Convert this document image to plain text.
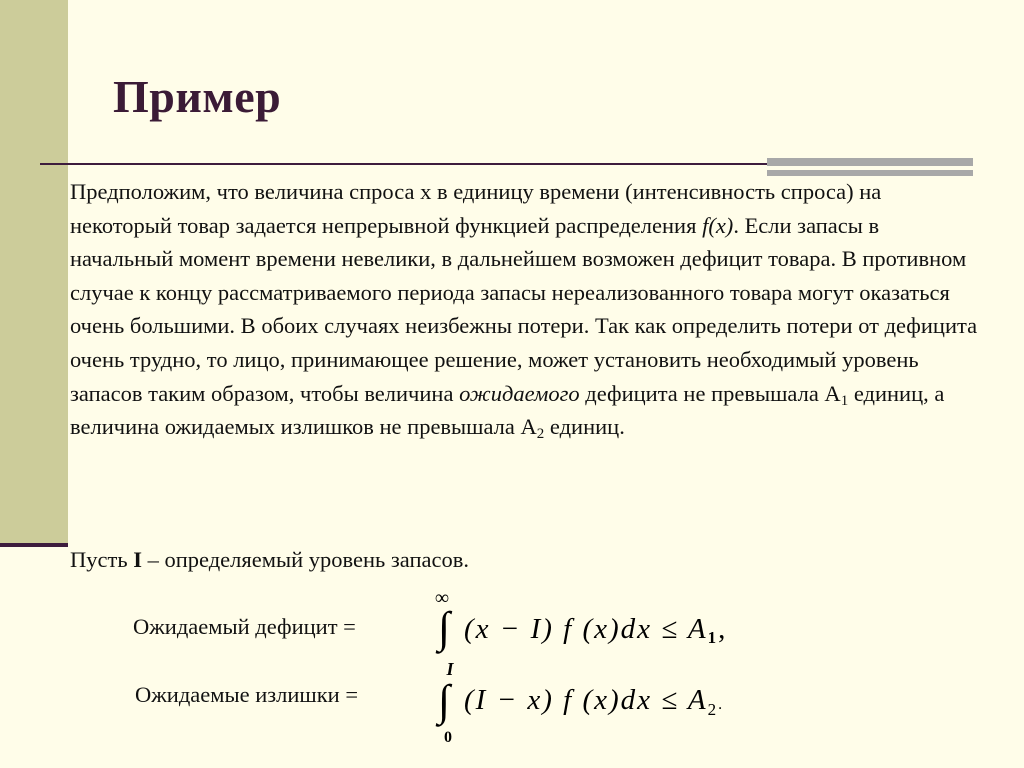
Пример

Предположим, что величина спроса x в единицу времени (интенсивность спроса) на некоторый товар задается непрерывной функцией распределения f(x). Если запасы в начальный момент времени невелики, в дальнейшем возможен дефицит товара. В противном случае к концу рассматриваемого периода запасы нереализованного товара могут оказаться очень большими. В обоих случаях неизбежны потери. Так как определить потери от дефицита очень трудно, то лицо, принимающее решение, может установить необходимый уровень запасов таким образом, чтобы величина ожидаемого дефицита не превышала $A_1$ единиц, а величина ожидаемых излишков не превышала $A_2$ единиц.

Пусть I – определяемый уровень запасов.
Ожидаемый дефицит =
Ожидаемые излишки =
∞
∫
I
(x − I) f (x)dx ≤ A1,
∫
0
(I − x) f $(x)dx \le A_2^.$
